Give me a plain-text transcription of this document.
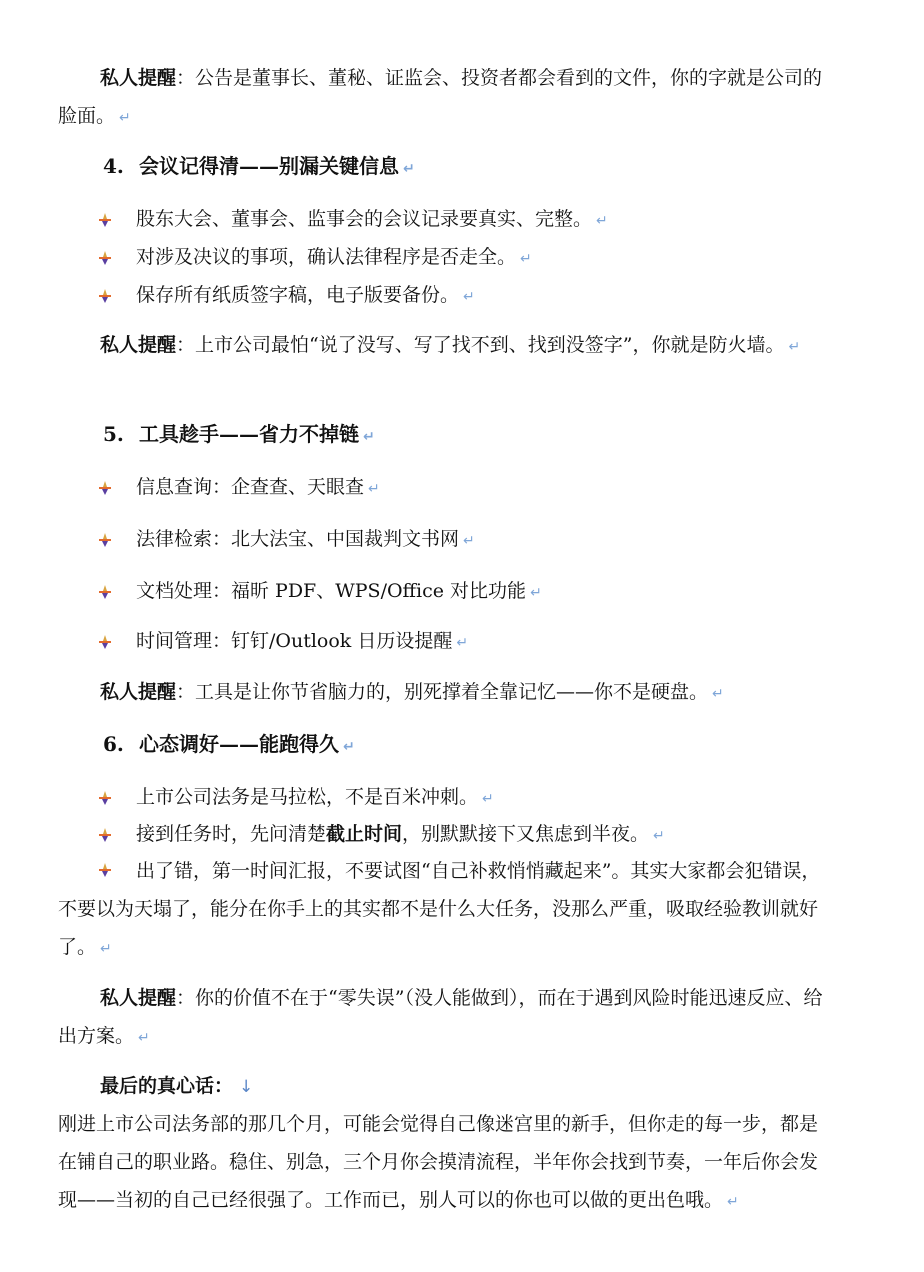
私人提醒：公告是董事长、董秘、证监会、投资者都会看到的文件，你的字就是公司的脸面。 ↵
4. 会议记得清——别漏关键信息 ↵
股东大会、董事会、监事会的会议记录要真实、完整。 ↵
对涉及决议的事项，确认法律程序是否走全。 ↵
保存所有纸质签字稿，电子版要备份。 ↵
私人提醒：上市公司最怕“说了没写、写了找不到、找到没签字”，你就是防火墙。 ↵
5. 工具趁手——省力不掉链 ↵
信息查询：企查查、天眼查 ↵
法律检索：北大法宝、中国裁判文书网 ↵
文档处理：福昕 PDF、WPS/Office 对比功能 ↵
时间管理：钉钉/Outlook 日历设提醒 ↵
私人提醒：工具是让你节省脑力的，别死撑着全靠记忆——你不是硬盘。 ↵
6. 心态调好——能跑得久 ↵
上市公司法务是马拉松，不是百米冲刺。 ↵
接到任务时，先问清楚截止时间，别默默接下又焦虑到半夜。 ↵
出了错，第一时间汇报，不要试图“自己补救悄悄藏起来”。其实大家都会犯错误，不要以为天塌了，能分在你手上的其实都不是什么大任务，没那么严重，吸取经验教训就好了。 ↵
私人提醒：你的价值不在于“零失误”（没人能做到），而在于遇到风险时能迅速反应、给出方案。 ↵
最后的真心话： ↓
刚进上市公司法务部的那几个月，可能会觉得自己像迷宫里的新手，但你走的每一步，都是在铺自己的职业路。稳住、别急，三个月你会摸清流程，半年你会找到节奏，一年后你会发现——当初的自己已经很强了。工作而已，别人可以的你也可以做的更出色哦。 ↵
